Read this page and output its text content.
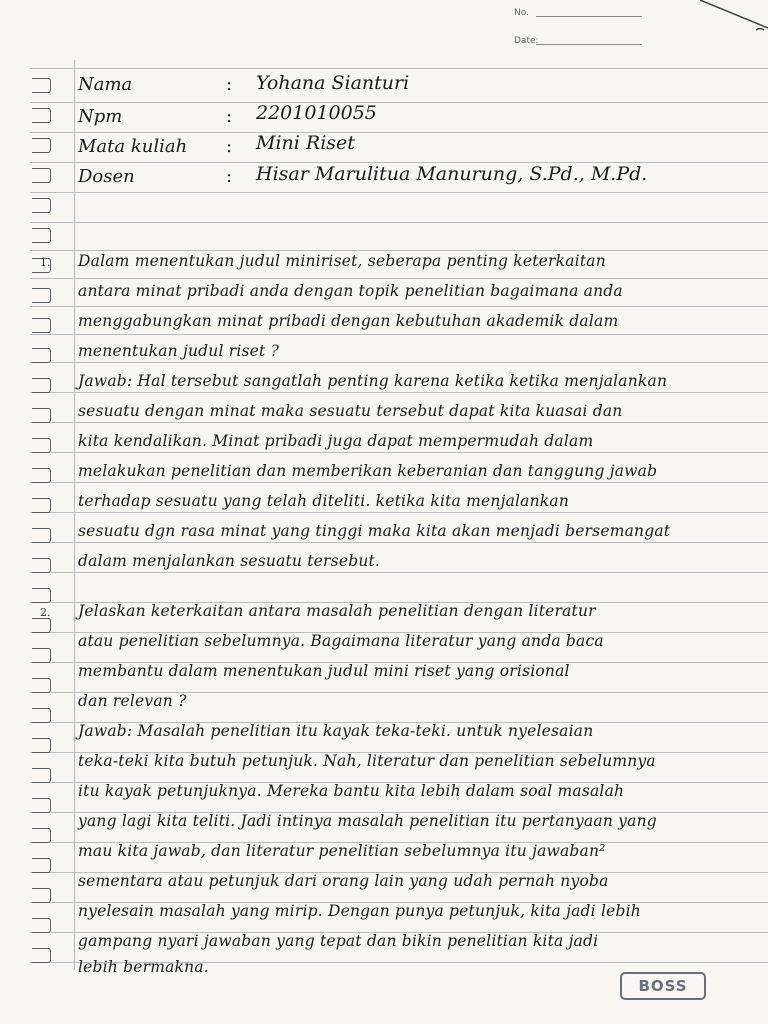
No.
Date:
Nama	: Yohana Sianturi
Npm	: 2201010055
Mata kuliah : Mini Riset
Dosen	: Hisar Marulitua Manurung, S.Pd., M.Pd.
1. Dalam menentukan judul miniriset, seberapa penting keterkaitan
antara minat pribadi anda dengan topik penelitian bagaimana anda
menggabungkan minat pribadi dengan kebutuhan akademik dalam
menentukan judul riset ?
Jawab: Hal tersebut sangatlah penting karena ketika ketika menjalankan
sesuatu dengan minat maka sesuatu tersebut dapat kita kuasai dan
kita kendalikan. Minat pribadi juga dapat mempermudah dalam
melakukan penelitian dan memberikan keberanian dan tanggung jawab
terhadap sesuatu yang telah diteliti. ketika kita menjalankan
sesuatu dgn rasa minat yang tinggi maka kita akan menjadi bersemangat
dalam menjalankan sesuatu tersebut.
2. Jelaskan keterkaitan antara masalah penelitian dengan literatur
atau penelitian sebelumnya. Bagaimana literatur yang anda baca
membantu dalam menentukan judul mini riset yang orisional
dan relevan ?
Jawab: Masalah penelitian itu kayak teka-teki. untuk nyelesaian
teka-teki kita butuh petunjuk. Nah, literatur dan penelitian sebelumnya
itu kayak petunjuknya. Mereka bantu kita lebih dalam soal masalah
yang lagi kita teliti. Jadi intinya masalah penelitian itu pertanyaan yang
mau kita jawab, dan literatur penelitian sebelumnya itu jawaban²
sementara atau petunjuk dari orang lain yang udah pernah nyoba
nyelesain masalah yang mirip. Dengan punya petunjuk, kita jadi lebih
gampang nyari jawaban yang tepat dan bikin penelitian kita jadi
lebih bermakna.
BOSS
